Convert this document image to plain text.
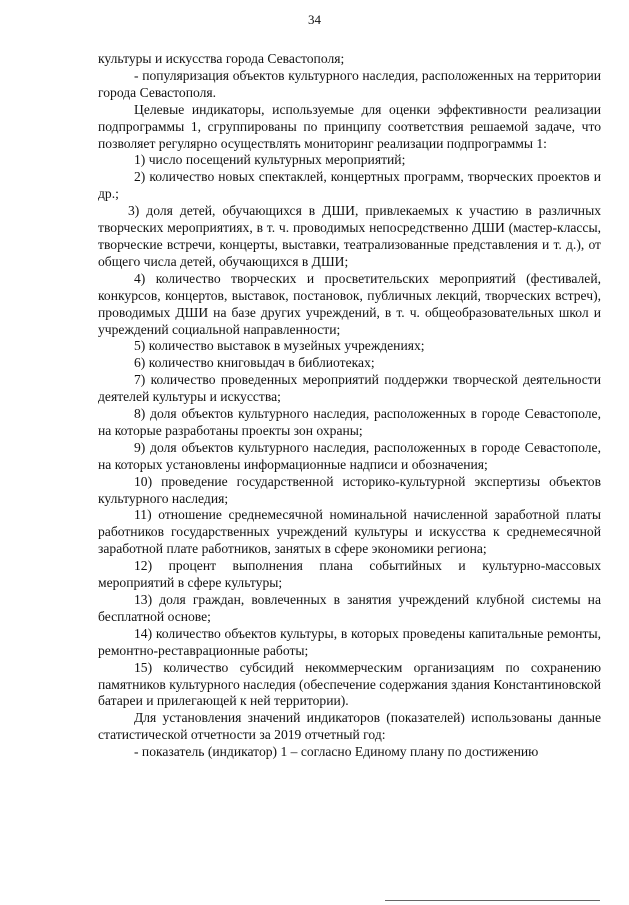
34

культуры и искусства города Севастополя;

- популяризация объектов культурного наследия, расположенных на территории города Севастополя.

Целевые индикаторы, используемые для оценки эффективности реализации подпрограммы 1, сгруппированы по принципу соответствия решаемой задаче, что позволяет регулярно осуществлять мониторинг реализации подпрограммы 1:

1) число посещений культурных мероприятий;

2) количество новых спектаклей, концертных программ, творческих проектов и др.;

3) доля детей, обучающихся в ДШИ, привлекаемых к участию в различных творческих мероприятиях, в т. ч. проводимых непосредственно ДШИ (мастер-классы, творческие встречи, концерты, выставки, театрализованные представления и т. д.), от общего числа детей, обучающихся в ДШИ;

4) количество творческих и просветительских мероприятий (фестивалей, конкурсов, концертов, выставок, постановок, публичных лекций, творческих встреч), проводимых ДШИ на базе других учреждений, в т. ч. общеобразовательных школ и учреждений социальной направленности;

5) количество выставок в музейных учреждениях;

6) количество книговыдач в библиотеках;

7) количество проведенных мероприятий поддержки творческой деятельности деятелей культуры и искусства;

8) доля объектов культурного наследия, расположенных в городе Севастополе, на которые разработаны проекты зон охраны;

9) доля объектов культурного наследия, расположенных в городе Севастополе, на которых установлены информационные надписи и обозначения;

10) проведение государственной историко-культурной экспертизы объектов культурного наследия;

11) отношение среднемесячной номинальной начисленной заработной платы работников государственных учреждений культуры и искусства к среднемесячной заработной плате работников, занятых в сфере экономики региона;

12) процент выполнения плана событийных и культурно-массовых мероприятий в сфере культуры;

13) доля граждан, вовлеченных в занятия учреждений клубной системы на бесплатной основе;

14) количество объектов культуры, в которых проведены капитальные ремонты, ремонтно-реставрационные работы;

15) количество субсидий некоммерческим организациям по сохранению памятников культурного наследия (обеспечение содержания здания Константиновской батареи и прилегающей к ней территории).

Для установления значений индикаторов (показателей) использованы данные статистической отчетности за 2019 отчетный год:

- показатель (индикатор) 1 – согласно Единому плану по достижению
